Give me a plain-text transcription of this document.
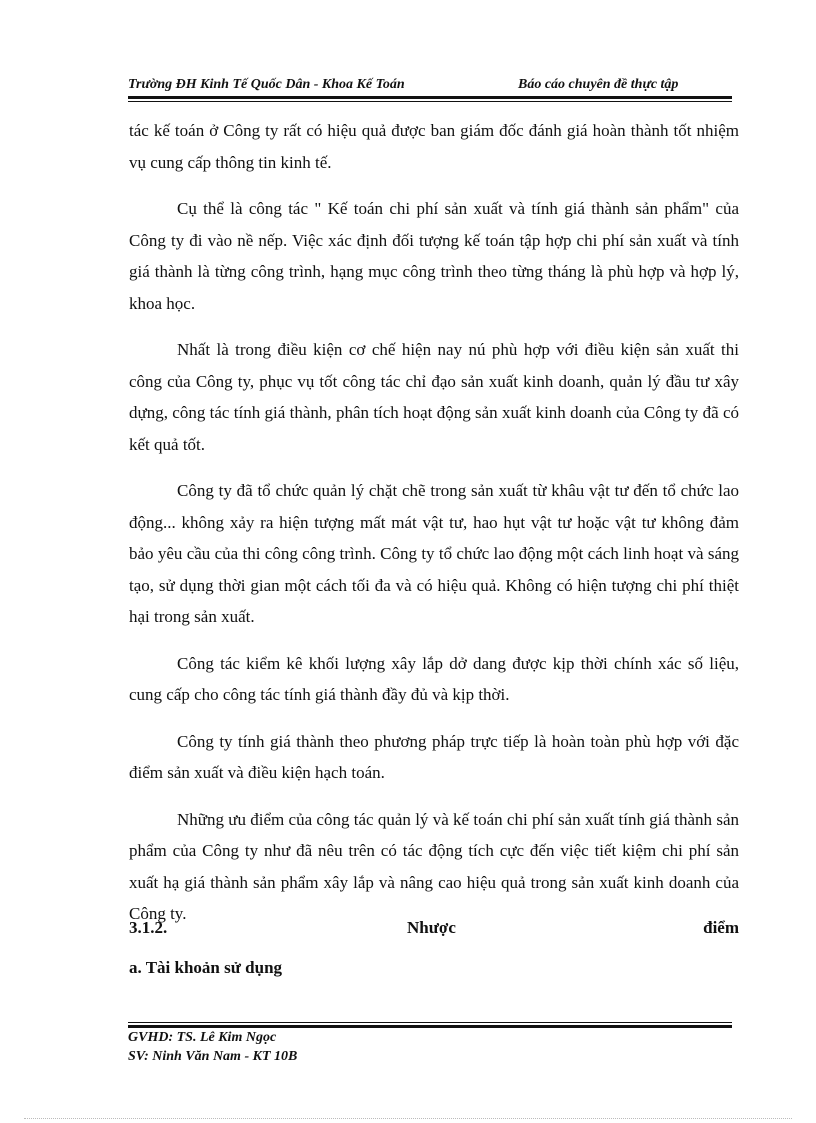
Trường ĐH Kinh Tế Quốc Dân - Khoa Kế Toán	Báo cáo chuyên đề thực tập

tác kế toán ở Công ty rất có hiệu quả được ban giám đốc đánh giá hoàn thành tốt nhiệm vụ cung cấp thông tin kinh tế.

Cụ thể là công tác " Kế toán chi phí sản xuất và tính giá thành sản phẩm" của Công ty đi vào nề nếp. Việc xác định đối tượng kế toán tập hợp chi phí sản xuất và tính giá thành là từng công trình, hạng mục công trình theo từng tháng là phù hợp và hợp lý, khoa học.

Nhất là trong điều kiện cơ chế hiện nay nú phù hợp với điều kiện sản xuất thi công của Công ty, phục vụ tốt công tác chỉ đạo sản xuất kinh doanh, quản lý đầu tư xây dựng, công tác tính giá thành, phân tích hoạt động sản xuất kinh doanh của Công ty đã có kết quả tốt.

Công ty đã tổ chức quản lý chặt chẽ trong sản xuất từ khâu vật tư đến tổ chức lao động... không xảy ra hiện tượng mất mát vật tư, hao hụt vật tư hoặc vật tư không đảm bảo yêu cầu của thi công công trình. Công ty tổ chức lao động một cách linh hoạt và sáng tạo, sử dụng thời gian một cách tối đa và có hiệu quả. Không có hiện tượng chi phí thiệt hại trong sản xuất.

Công tác kiểm kê khối lượng xây lắp dở dang được kịp thời chính xác số liệu, cung cấp cho công tác tính giá thành đầy đủ và kịp thời.

Công ty tính giá thành theo phương pháp trực tiếp là hoàn toàn phù hợp với đặc điểm sản xuất và điều kiện hạch toán.

Những ưu điểm của công tác quản lý và kế toán chi phí sản xuất tính giá thành sản phẩm của Công ty như đã nêu trên có tác động tích cực đến việc tiết kiệm chi phí sản xuất hạ giá thành sản phẩm xây lắp và nâng cao hiệu quả trong sản xuất kinh doanh của Công ty.

3.1.2.	Nhược	điểm
a. Tài khoản sử dụng
GVHD: TS. Lê Kim Ngọc
SV: Ninh Văn Nam - KT 10B
